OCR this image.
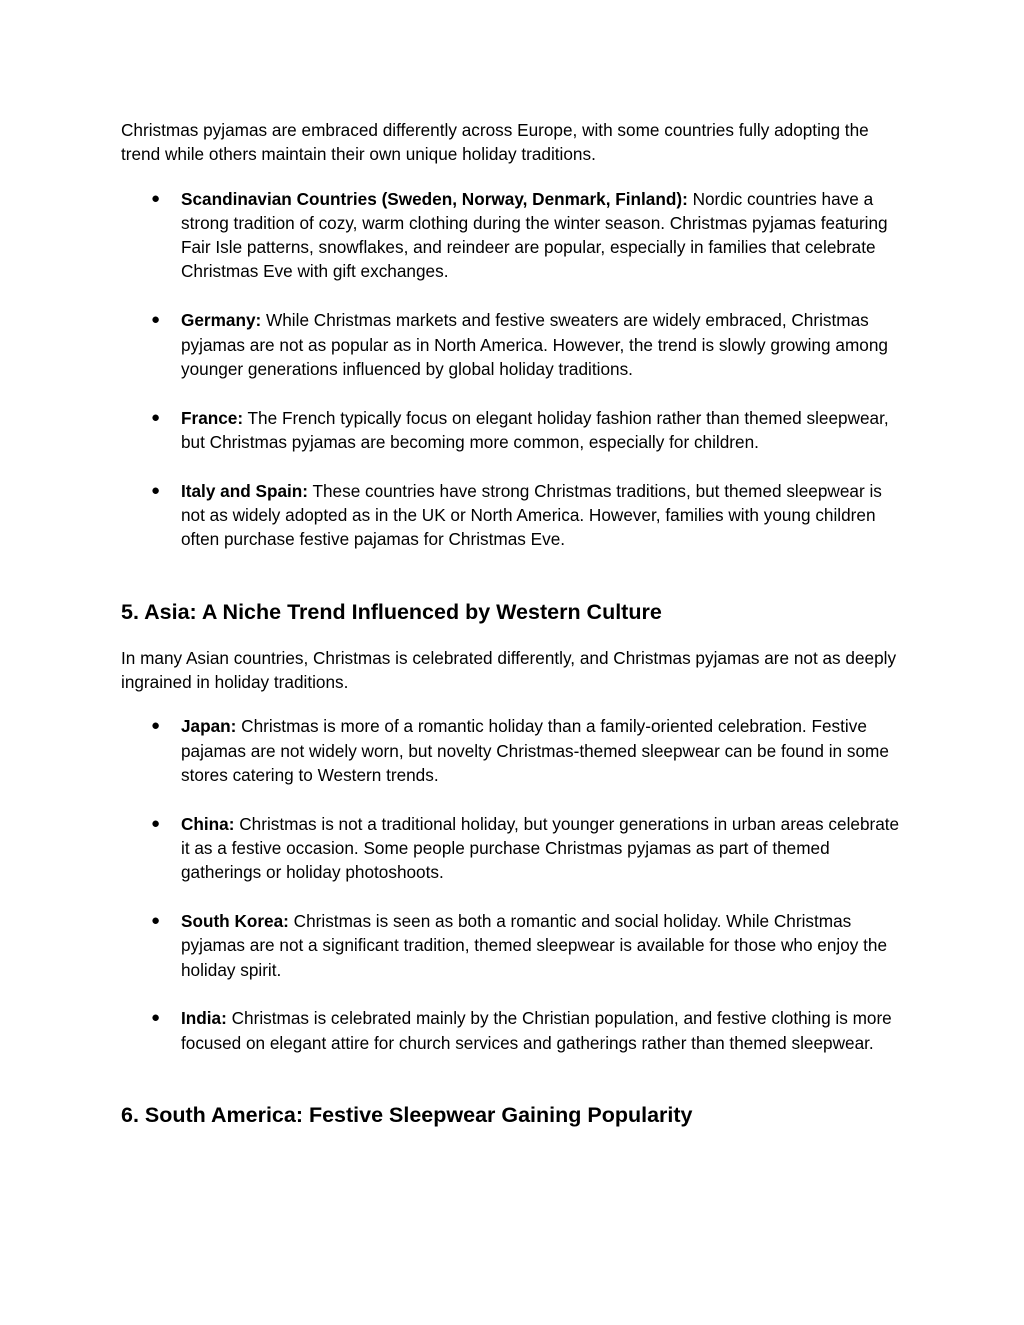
Christmas pyjamas are embraced differently across Europe, with some countries fully adopting the trend while others maintain their own unique holiday traditions.

● Scandinavian Countries (Sweden, Norway, Denmark, Finland): Nordic countries have a strong tradition of cozy, warm clothing during the winter season. Christmas pyjamas featuring Fair Isle patterns, snowflakes, and reindeer are popular, especially in families that celebrate Christmas Eve with gift exchanges.
● Germany: While Christmas markets and festive sweaters are widely embraced, Christmas pyjamas are not as popular as in North America. However, the trend is slowly growing among younger generations influenced by global holiday traditions.
● France: The French typically focus on elegant holiday fashion rather than themed sleepwear, but Christmas pyjamas are becoming more common, especially for children.
● Italy and Spain: These countries have strong Christmas traditions, but themed sleepwear is not as widely adopted as in the UK or North America. However, families with young children often purchase festive pajamas for Christmas Eve.
5. Asia: A Niche Trend Influenced by Western Culture

In many Asian countries, Christmas is celebrated differently, and Christmas pyjamas are not as deeply ingrained in holiday traditions.

● Japan: Christmas is more of a romantic holiday than a family-oriented celebration. Festive pajamas are not widely worn, but novelty Christmas-themed sleepwear can be found in some stores catering to Western trends.
● China: Christmas is not a traditional holiday, but younger generations in urban areas celebrate it as a festive occasion. Some people purchase Christmas pyjamas as part of themed gatherings or holiday photoshoots.
● South Korea: Christmas is seen as both a romantic and social holiday. While Christmas pyjamas are not a significant tradition, themed sleepwear is available for those who enjoy the holiday spirit.
● India: Christmas is celebrated mainly by the Christian population, and festive clothing is more focused on elegant attire for church services and gatherings rather than themed sleepwear.
6. South America: Festive Sleepwear Gaining Popularity
